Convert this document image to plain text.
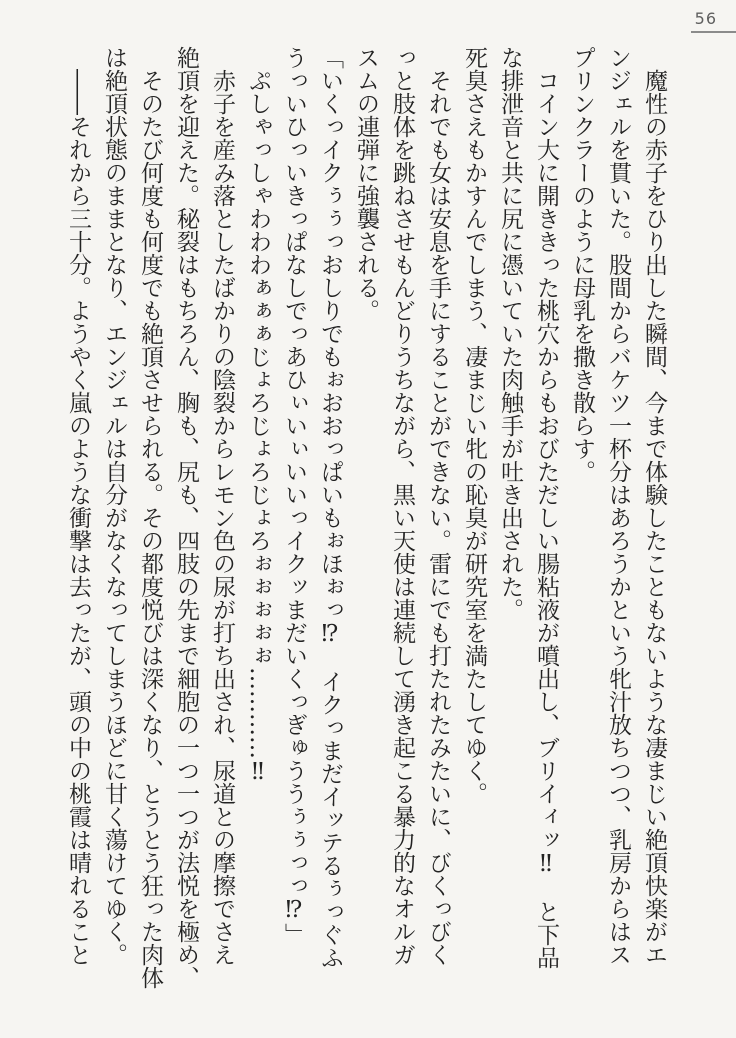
56
魔性の赤子をひり出した瞬間、今まで体験したこともないような凄まじい絶頂快楽がエ
ンジェルを貫いた。股間からバケツ一杯分はあろうかという牝汁放ちつつ、乳房からはス
プリンクラーのように母乳を撒き散らす。
コイン大に開ききった桃穴からもおびただしい腸粘液が噴出し、ブリイィッ‼　と下品
な排泄音と共に尻に憑いていた肉触手が吐き出された。
死臭さえもかすんでしまう、凄まじい牝の恥臭が研究室を満たしてゆく。
それでも女は安息を手にすることができない。雷にでも打たれたみたいに、びくっびく
っと肢体を跳ねさせもんどりうちながら、黒い天使は連続して湧き起こる暴力的なオルガ
スムの連弾に強襲される。
「いくっイクぅぅっおしりでもぉおおっぱいもぉほぉっ⁉　イクっまだイッテるぅっぐふ
うっいひっいきっぱなしでっあひぃいぃいいっイクッまだいくっぎゅううぅぅっっ⁉」
ぷしゃっしゃわわわぁぁぁじょろじょろじょろぉぉぉぉぉ…………‼
赤子を産み落としたばかりの陰裂からレモン色の尿が打ち出され、尿道との摩擦でさえ
絶頂を迎えた。秘裂はもちろん、胸も、尻も、四肢の先まで細胞の一つ一つが法悦を極め、
そのたび何度も何度でも絶頂させられる。その都度悦びは深くなり、とうとう狂った肉体
は絶頂状態のままとなり、エンジェルは自分がなくなってしまうほどに甘く蕩けてゆく。
――それから三十分。ようやく嵐のような衝撃は去ったが、頭の中の桃霞は晴れること
